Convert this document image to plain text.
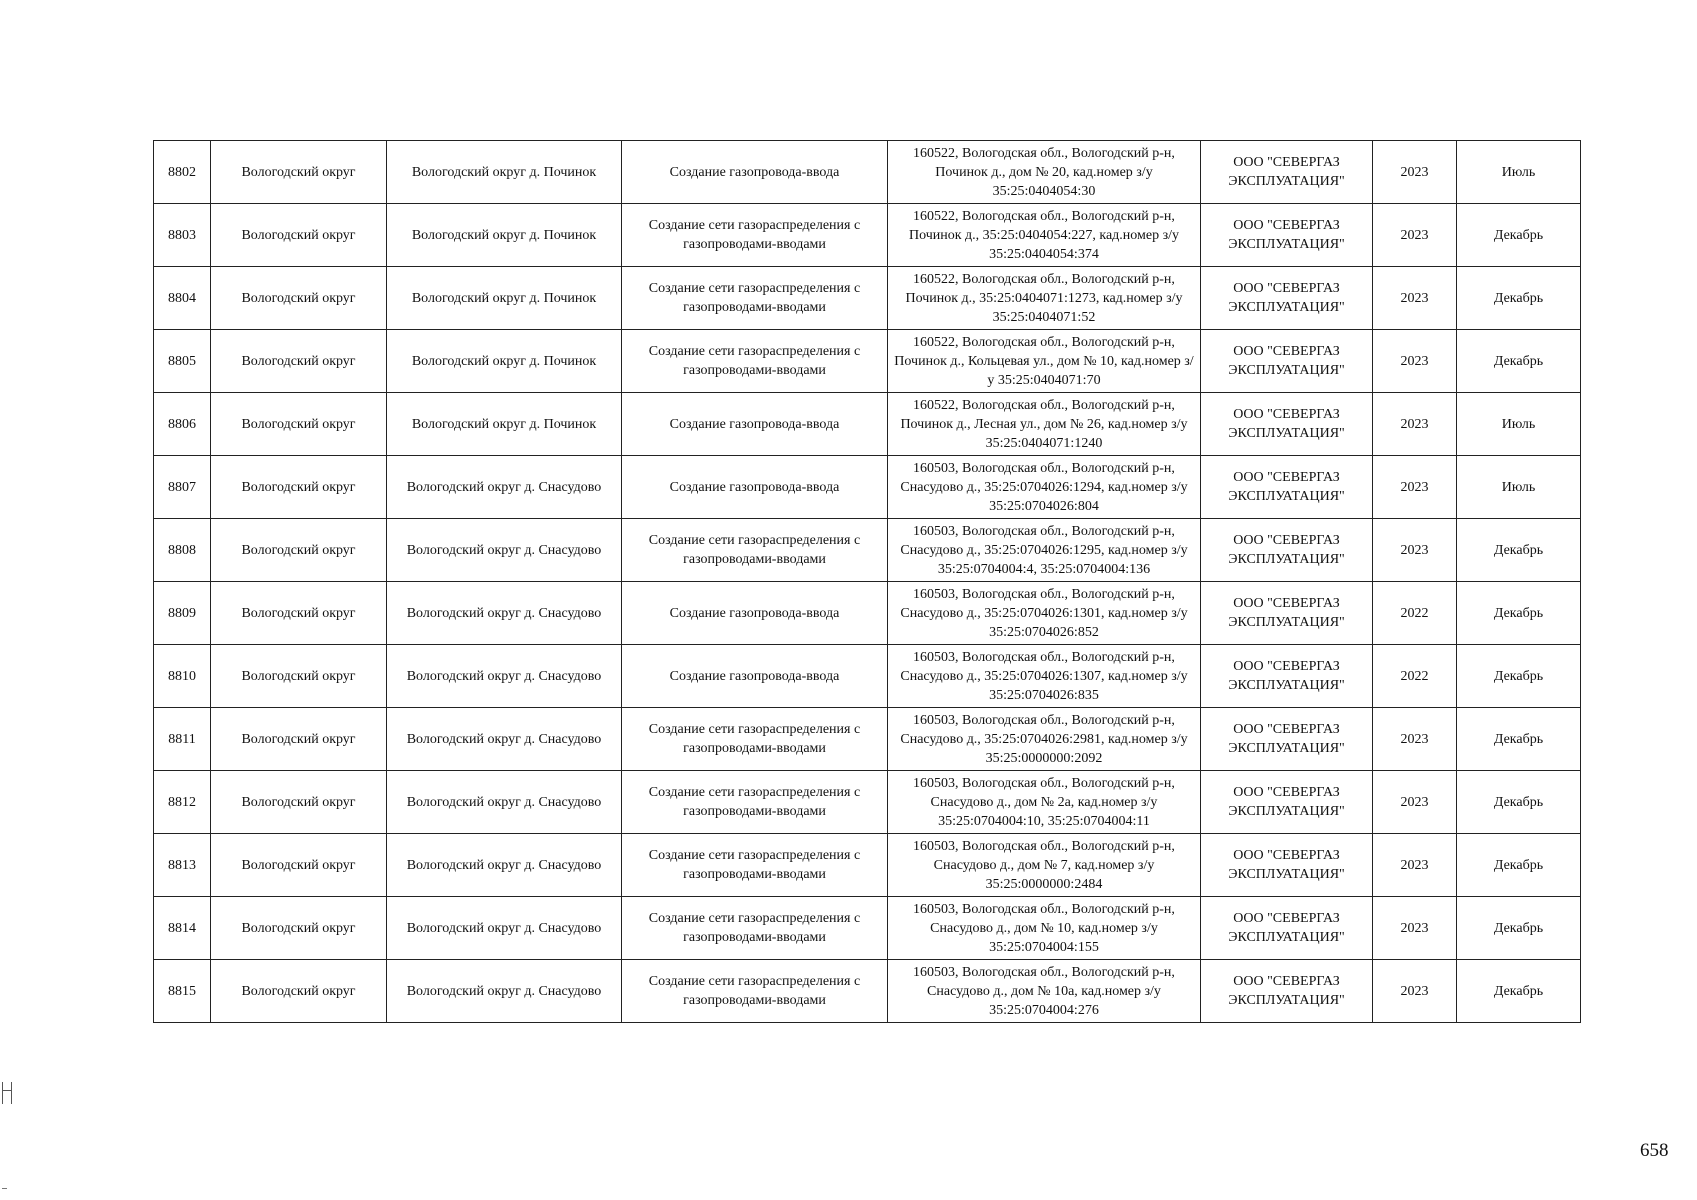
8802	Вологодский округ	Вологодский округ д. Починок	Создание газопровода-ввода	160522, Вологодская обл., Вологодский р-н, Починок д., дом № 20, кад.номер з/у 35:25:0404054:30	ООО "СЕВЕРГАЗ ЭКСПЛУАТАЦИЯ"	2023	Июль
8803	Вологодский округ	Вологодский округ д. Починок	Создание сети газораспределения с газопроводами-вводами	160522, Вологодская обл., Вологодский р-н, Починок д., 35:25:0404054:227, кад.номер з/у 35:25:0404054:374	ООО "СЕВЕРГАЗ ЭКСПЛУАТАЦИЯ"	2023	Декабрь
8804	Вологодский округ	Вологодский округ д. Починок	Создание сети газораспределения с газопроводами-вводами	160522, Вологодская обл., Вологодский р-н, Починок д., 35:25:0404071:1273, кад.номер з/у 35:25:0404071:52	ООО "СЕВЕРГАЗ ЭКСПЛУАТАЦИЯ"	2023	Декабрь
8805	Вологодский округ	Вологодский округ д. Починок	Создание сети газораспределения с газопроводами-вводами	160522, Вологодская обл., Вологодский р-н, Починок д., Кольцевая ул., дом № 10, кад.номер з/у 35:25:0404071:70	ООО "СЕВЕРГАЗ ЭКСПЛУАТАЦИЯ"	2023	Декабрь
8806	Вологодский округ	Вологодский округ д. Починок	Создание газопровода-ввода	160522, Вологодская обл., Вологодский р-н, Починок д., Лесная ул., дом № 26, кад.номер з/у 35:25:0404071:1240	ООО "СЕВЕРГАЗ ЭКСПЛУАТАЦИЯ"	2023	Июль
8807	Вологодский округ	Вологодский округ д. Снасудово	Создание газопровода-ввода	160503, Вологодская обл., Вологодский р-н, Снасудово д., 35:25:0704026:1294, кад.номер з/у 35:25:0704026:804	ООО "СЕВЕРГАЗ ЭКСПЛУАТАЦИЯ"	2023	Июль
8808	Вологодский округ	Вологодский округ д. Снасудово	Создание сети газораспределения с газопроводами-вводами	160503, Вологодская обл., Вологодский р-н, Снасудово д., 35:25:0704026:1295, кад.номер з/у 35:25:0704004:4, 35:25:0704004:136	ООО "СЕВЕРГАЗ ЭКСПЛУАТАЦИЯ"	2023	Декабрь
8809	Вологодский округ	Вологодский округ д. Снасудово	Создание газопровода-ввода	160503, Вологодская обл., Вологодский р-н, Снасудово д., 35:25:0704026:1301, кад.номер з/у 35:25:0704026:852	ООО "СЕВЕРГАЗ ЭКСПЛУАТАЦИЯ"	2022	Декабрь
8810	Вологодский округ	Вологодский округ д. Снасудово	Создание газопровода-ввода	160503, Вологодская обл., Вологодский р-н, Снасудово д., 35:25:0704026:1307, кад.номер з/у 35:25:0704026:835	ООО "СЕВЕРГАЗ ЭКСПЛУАТАЦИЯ"	2022	Декабрь
8811	Вологодский округ	Вологодский округ д. Снасудово	Создание сети газораспределения с газопроводами-вводами	160503, Вологодская обл., Вологодский р-н, Снасудово д., 35:25:0704026:2981, кад.номер з/у 35:25:0000000:2092	ООО "СЕВЕРГАЗ ЭКСПЛУАТАЦИЯ"	2023	Декабрь
8812	Вологодский округ	Вологодский округ д. Снасудово	Создание сети газораспределения с газопроводами-вводами	160503, Вологодская обл., Вологодский р-н, Снасудово д., дом № 2а, кад.номер з/у 35:25:0704004:10, 35:25:0704004:11	ООО "СЕВЕРГАЗ ЭКСПЛУАТАЦИЯ"	2023	Декабрь
8813	Вологодский округ	Вологодский округ д. Снасудово	Создание сети газораспределения с газопроводами-вводами	160503, Вологодская обл., Вологодский р-н, Снасудово д., дом № 7, кад.номер з/у 35:25:0000000:2484	ООО "СЕВЕРГАЗ ЭКСПЛУАТАЦИЯ"	2023	Декабрь
8814	Вологодский округ	Вологодский округ д. Снасудово	Создание сети газораспределения с газопроводами-вводами	160503, Вологодская обл., Вологодский р-н, Снасудово д., дом № 10, кад.номер з/у 35:25:0704004:155	ООО "СЕВЕРГАЗ ЭКСПЛУАТАЦИЯ"	2023	Декабрь
8815	Вологодский округ	Вологодский округ д. Снасудово	Создание сети газораспределения с газопроводами-вводами	160503, Вологодская обл., Вологодский р-н, Снасудово д., дом № 10а, кад.номер з/у 35:25:0704004:276	ООО "СЕВЕРГАЗ ЭКСПЛУАТАЦИЯ"	2023	Декабрь
658
